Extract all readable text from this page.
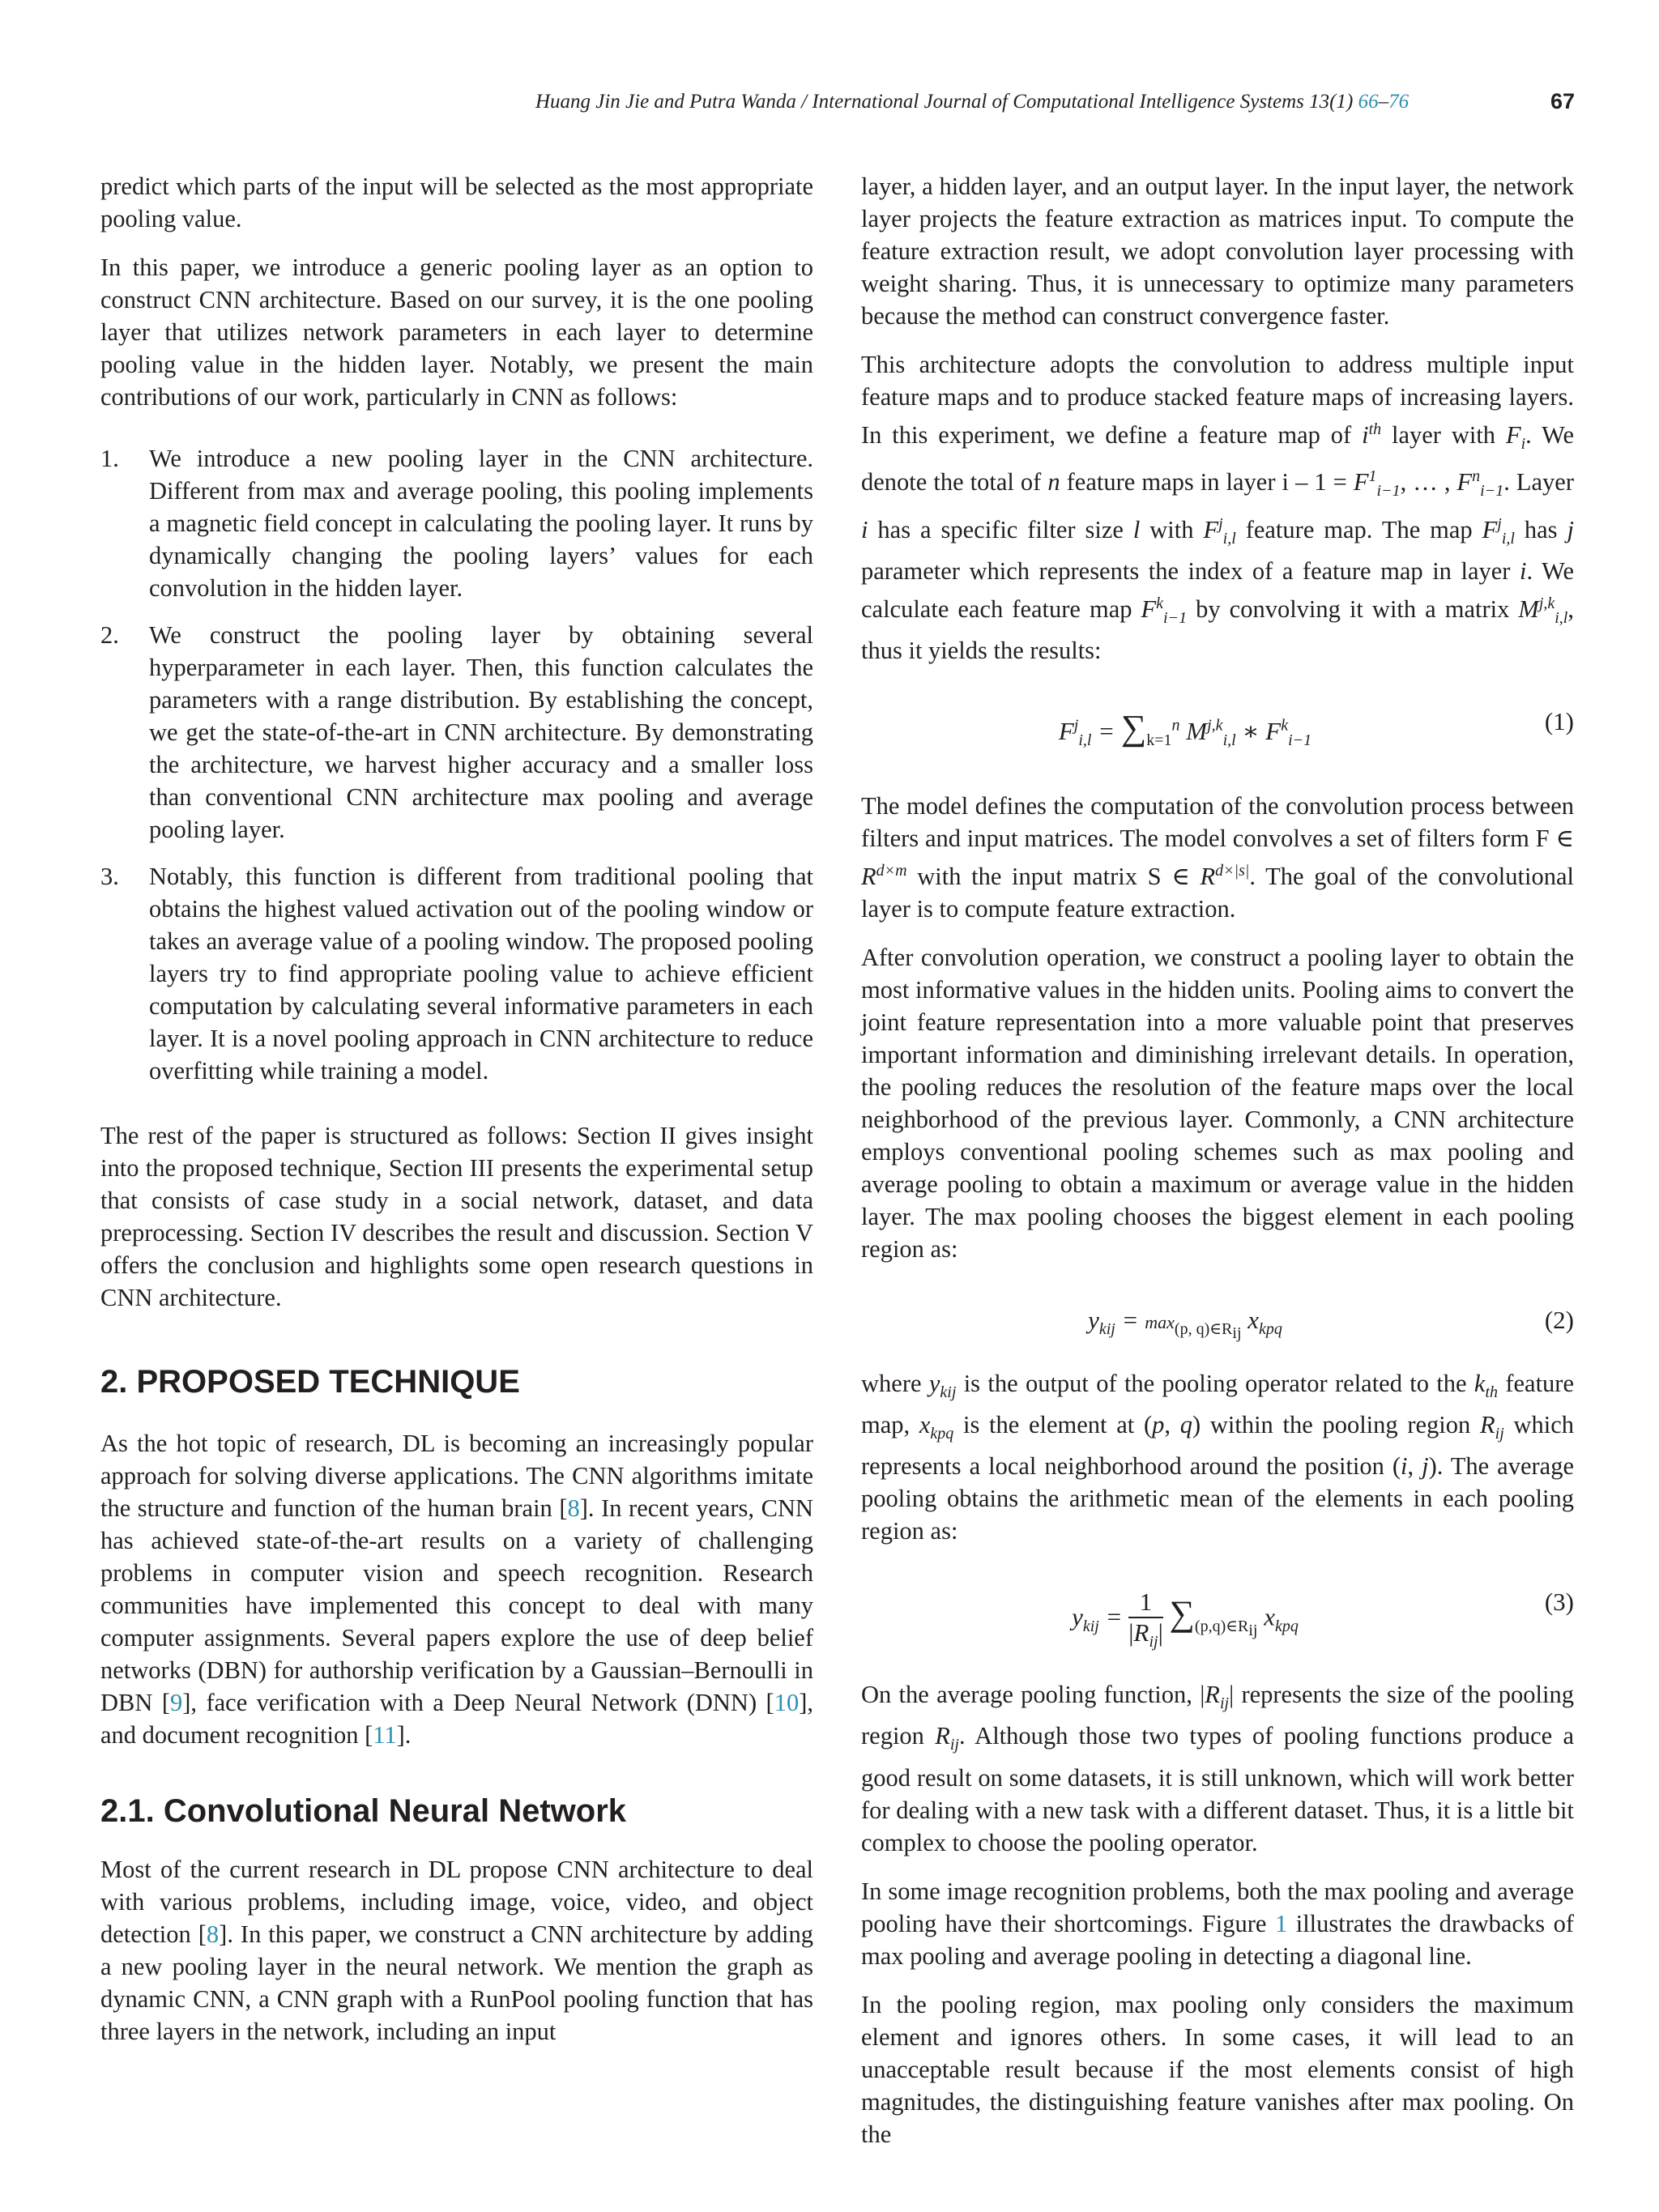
Huang Jin Jie and Putra Wanda / International Journal of Computational Intelligence Systems 13(1) 66–76	67

predict which parts of the input will be selected as the most appropriate pooling value.

In this paper, we introduce a generic pooling layer as an option to construct CNN architecture. Based on our survey, it is the one pooling layer that utilizes network parameters in each layer to determine pooling value in the hidden layer. Notably, we present the main contributions of our work, particularly in CNN as follows:

1. We introduce a new pooling layer in the CNN architecture. Different from max and average pooling, this pooling implements a magnetic field concept in calculating the pooling layer. It runs by dynamically changing the pooling layers’ values for each convolution in the hidden layer.
2. We construct the pooling layer by obtaining several hyperparameter in each layer. Then, this function calculates the parameters with a range distribution. By establishing the concept, we get the state-of-the-art in CNN architecture. By demonstrating the architecture, we harvest higher accuracy and a smaller loss than conventional CNN architecture max pooling and average pooling layer.
3. Notably, this function is different from traditional pooling that obtains the highest valued activation out of the pooling window or takes an average value of a pooling window. The proposed pooling layers try to find appropriate pooling value to achieve efficient computation by calculating several informative parameters in each layer. It is a novel pooling approach in CNN architecture to reduce overfitting while training a model.

The rest of the paper is structured as follows: Section II gives insight into the proposed technique, Section III presents the experimental setup that consists of case study in a social network, dataset, and data preprocessing. Section IV describes the result and discussion. Section V offers the conclusion and highlights some open research questions in CNN architecture.

2. PROPOSED TECHNIQUE

As the hot topic of research, DL is becoming an increasingly popular approach for solving diverse applications. The CNN algorithms imitate the structure and function of the human brain [8]. In recent years, CNN has achieved state-of-the-art results on a variety of challenging problems in computer vision and speech recognition. Research communities have implemented this concept to deal with many computer assignments. Several papers explore the use of deep belief networks (DBN) for authorship verification by a Gaussian–Bernoulli in DBN [9], face verification with a Deep Neural Network (DNN) [10], and document recognition [11].

2.1. Convolutional Neural Network

Most of the current research in DL propose CNN architecture to deal with various problems, including image, voice, video, and object detection [8]. In this paper, we construct a CNN architecture by adding a new pooling layer in the neural network. We mention the graph as dynamic CNN, a CNN graph with a RunPool pooling function that has three layers in the network, including an input

layer, a hidden layer, and an output layer. In the input layer, the network layer projects the feature extraction as matrices input. To compute the feature extraction result, we adopt convolution layer processing with weight sharing. Thus, it is unnecessary to optimize many parameters because the method can construct convergence faster.

This architecture adopts the convolution to address multiple input feature maps and to produce stacked feature maps of increasing layers. In this experiment, we define a feature map of $i^{th}$ layer with $F_i$. We denote the total of n feature maps in layer $i - 1 = F^1_{i-1}$, … , $F^n_{i-1}$. Layer i has a specific filter size l with $F^j_{i,l}$ feature map. The map $F^j_{i,l}$ has j parameter which represents the index of a feature map in layer i. We calculate each feature map $F^k_{i-1}$ by convolving it with a matrix M$^{j,k}_{i,l}$, thus it yields the results:

$F^j_{i,l} = \sum_{k=1}^n$ M$^{j,k}_{i,l}$ ∗ $F^k_{i-1}$
(1)

The model defines the computation of the convolution process between filters and input matrices. The model convolves a set of filters form F ∈ $R^{d\times m}$ with the input matrix S ∈ $R^{d\times|s|}$. The goal of the convolutional layer is to compute feature extraction.

After convolution operation, we construct a pooling layer to obtain the most informative values in the hidden units. Pooling aims to convert the joint feature representation into a more valuable point that preserves important information and diminishing irrelevant details. In operation, the pooling reduces the resolution of the feature maps over the local neighborhood of the previous layer. Commonly, a CNN architecture employs conventional pooling schemes such as max pooling and average pooling to obtain a maximum or average value in the hidden layer. The max pooling chooses the biggest element in each pooling region as:

$y_{kij} = \max_{(p, q)\in R_{ij}} x_{kpq}$	(2)

where $y_{kij}$ is the output of the pooling operator related to the $k_{th}$ feature map, $x_{kpq}$ is the element at (p, q) within the pooling region $R_{ij}$ which represents a local neighborhood around the position (i, j). The average pooling obtains the arithmetic mean of the elements in each pooling region as:

$y_{kij}$ =
1
$|R_{ij}|$ $\sum_{(p,q)\in R_{ij}}$ $x_{kpq}$
(3)

On the average pooling function, $|R_{ij}|$ represents the size of the pooling region $R_{ij}$. Although those two types of pooling functions produce a good result on some datasets, it is still unknown, which will work better for dealing with a new task with a different dataset. Thus, it is a little bit complex to choose the pooling operator.

In some image recognition problems, both the max pooling and average pooling have their shortcomings. Figure 1 illustrates the drawbacks of max pooling and average pooling in detecting a diagonal line.

In the pooling region, max pooling only considers the maximum element and ignores others. In some cases, it will lead to an unacceptable result because if the most elements consist of high magnitudes, the distinguishing feature vanishes after max pooling. On the
